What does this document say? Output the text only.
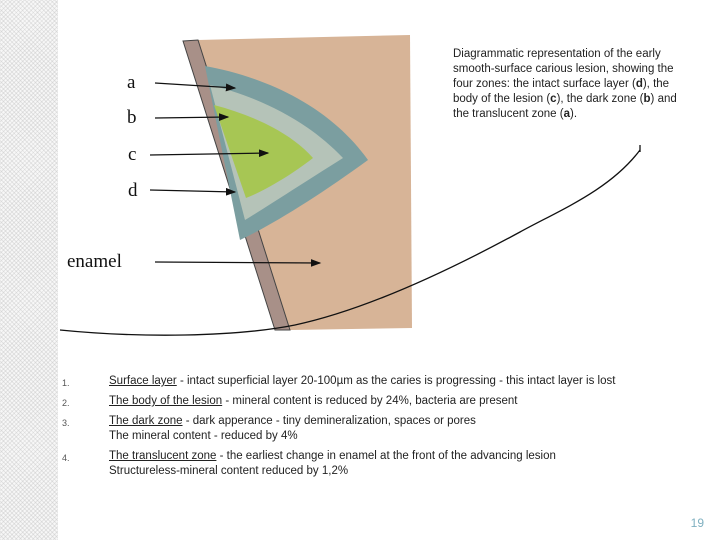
a
b
c
d
enamel
Diagrammatic representation of the early smooth-surface carious lesion, showing the four zones: the intact surface layer (d), the body of the lesion (c), the dark zone (b) and the translucent zone (a).
1.	Surface layer - intact superficial layer 20-100µm as the caries is progressing - this intact layer is lost
2.	The body of the lesion - mineral content is reduced by 24%, bacteria are present
3.	The dark zone - dark apperance - tiny demineralization, spaces or pores
The mineral content - reduced by 4%
4.	The translucent zone - the earliest change in enamel at the front of the advancing lesion
Structureless-mineral content reduced by 1,2%
19
